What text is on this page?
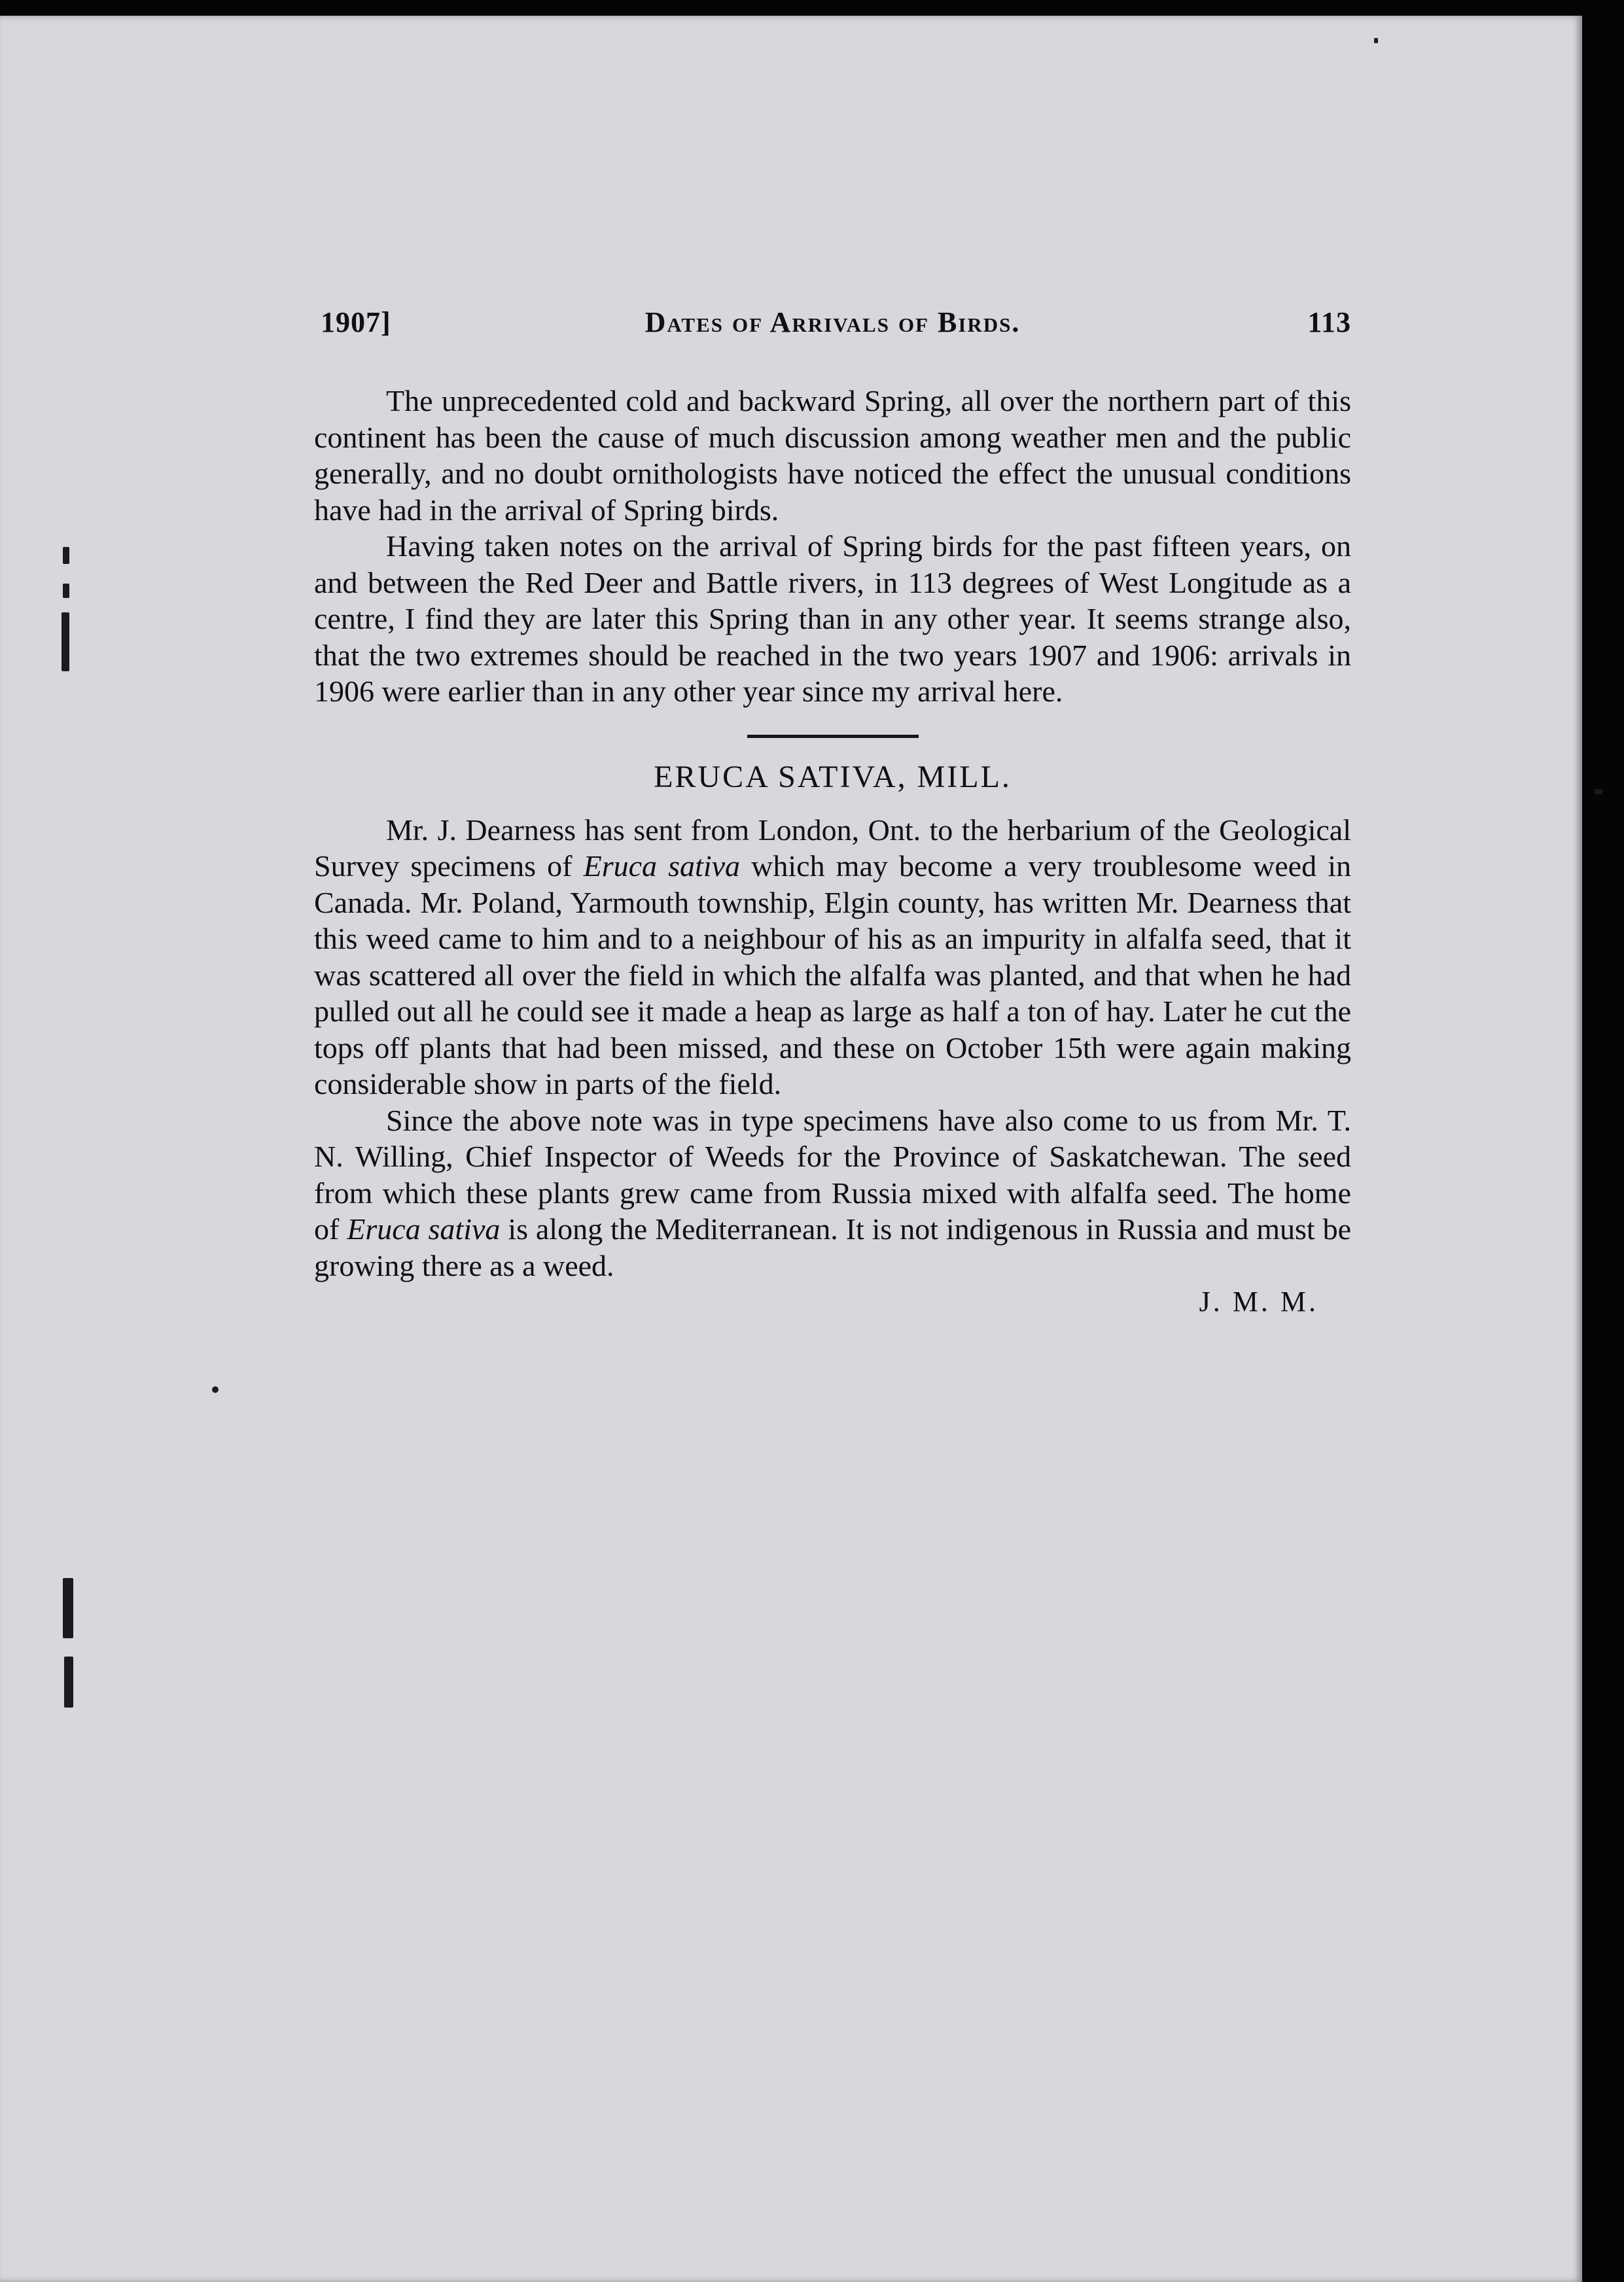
1907]	Dates of Arrivals of Birds.	113

The unprecedented cold and backward Spring, all over the northern part of this continent has been the cause of much discussion among weather men and the public generally, and no doubt ornithologists have noticed the effect the unusual conditions have had in the arrival of Spring birds.

Having taken notes on the arrival of Spring birds for the past fifteen years, on and between the Red Deer and Battle rivers, in 113 degrees of West Longitude as a centre, I find they are later this Spring than in any other year. It seems strange also, that the two extremes should be reached in the two years 1907 and 1906: arrivals in 1906 were earlier than in any other year since my arrival here.

ERUCA SATIVA, MILL.

Mr. J. Dearness has sent from London, Ont. to the herbarium of the Geological Survey specimens of Eruca sativa which may become a very troublesome weed in Canada. Mr. Poland, Yarmouth township, Elgin county, has written Mr. Dearness that this weed came to him and to a neighbour of his as an impurity in alfalfa seed, that it was scattered all over the field in which the alfalfa was planted, and that when he had pulled out all he could see it made a heap as large as half a ton of hay. Later he cut the tops off plants that had been missed, and these on October 15th were again making considerable show in parts of the field.

Since the above note was in type specimens have also come to us from Mr. T. N. Willing, Chief Inspector of Weeds for the Province of Saskatchewan. The seed from which these plants grew came from Russia mixed with alfalfa seed. The home of Eruca sativa is along the Mediterranean. It is not indigenous in Russia and must be growing there as a weed.

J. M. M.
